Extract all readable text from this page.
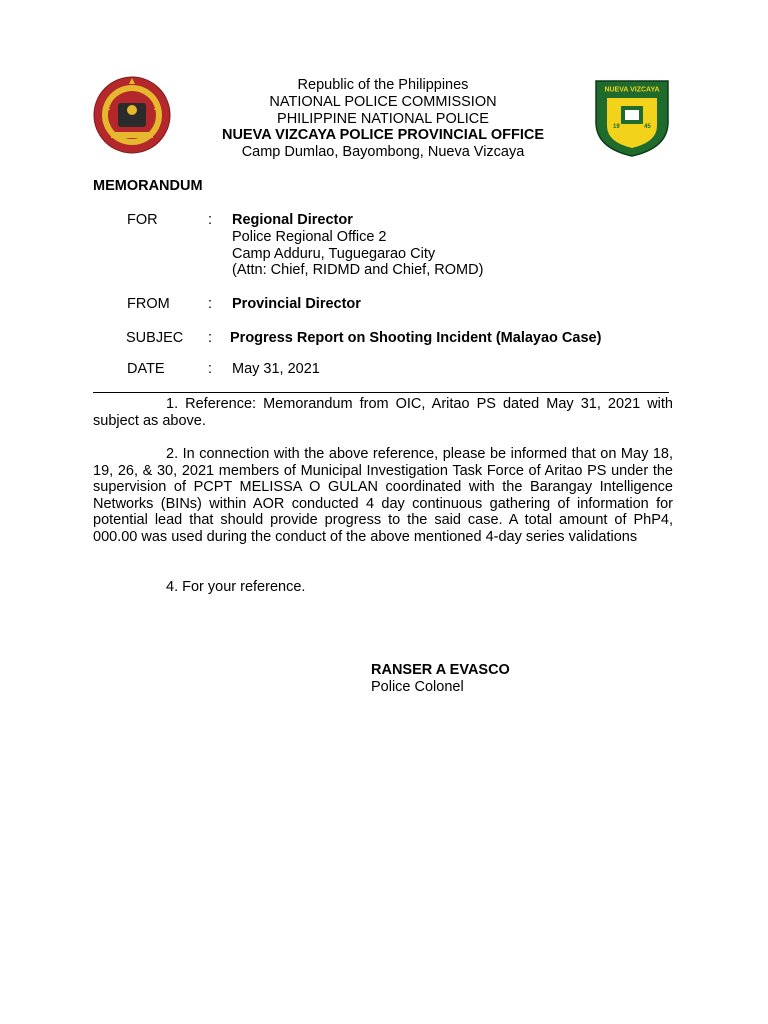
NUEVA VIZCAYA
19	45
Republic of the Philippines
NATIONAL POLICE COMMISSION
PHILIPPINE NATIONAL POLICE
NUEVA VIZCAYA POLICE PROVINCIAL OFFICE
Camp Dumlao, Bayombong, Nueva Vizcaya
MEMORANDUM
FOR	: Regional Director
Police Regional Office 2
Camp Adduru, Tuguegarao City
(Attn: Chief, RIDMD and Chief, ROMD)
FROM	: Provincial Director
SUBJEC : Progress Report on Shooting Incident (Malayao Case)
DATE	: May 31, 2021

1. Reference: Memorandum from OIC, Aritao PS dated May 31, 2021 with subject as above.

2. In connection with the above reference, please be informed that on May 18, 19, 26, & 30, 2021 members of Municipal Investigation Task Force of Aritao PS under the supervision of PCPT MELISSA O GULAN coordinated with the Barangay Intelligence Networks (BINs) within AOR conducted 4 day continuous gathering of information for potential lead that should provide progress to the said case. A total amount of PhP4, 000.00 was used during the conduct of the above mentioned 4-day series validations

4. For your reference.

RANSER A EVASCO
Police Colonel
